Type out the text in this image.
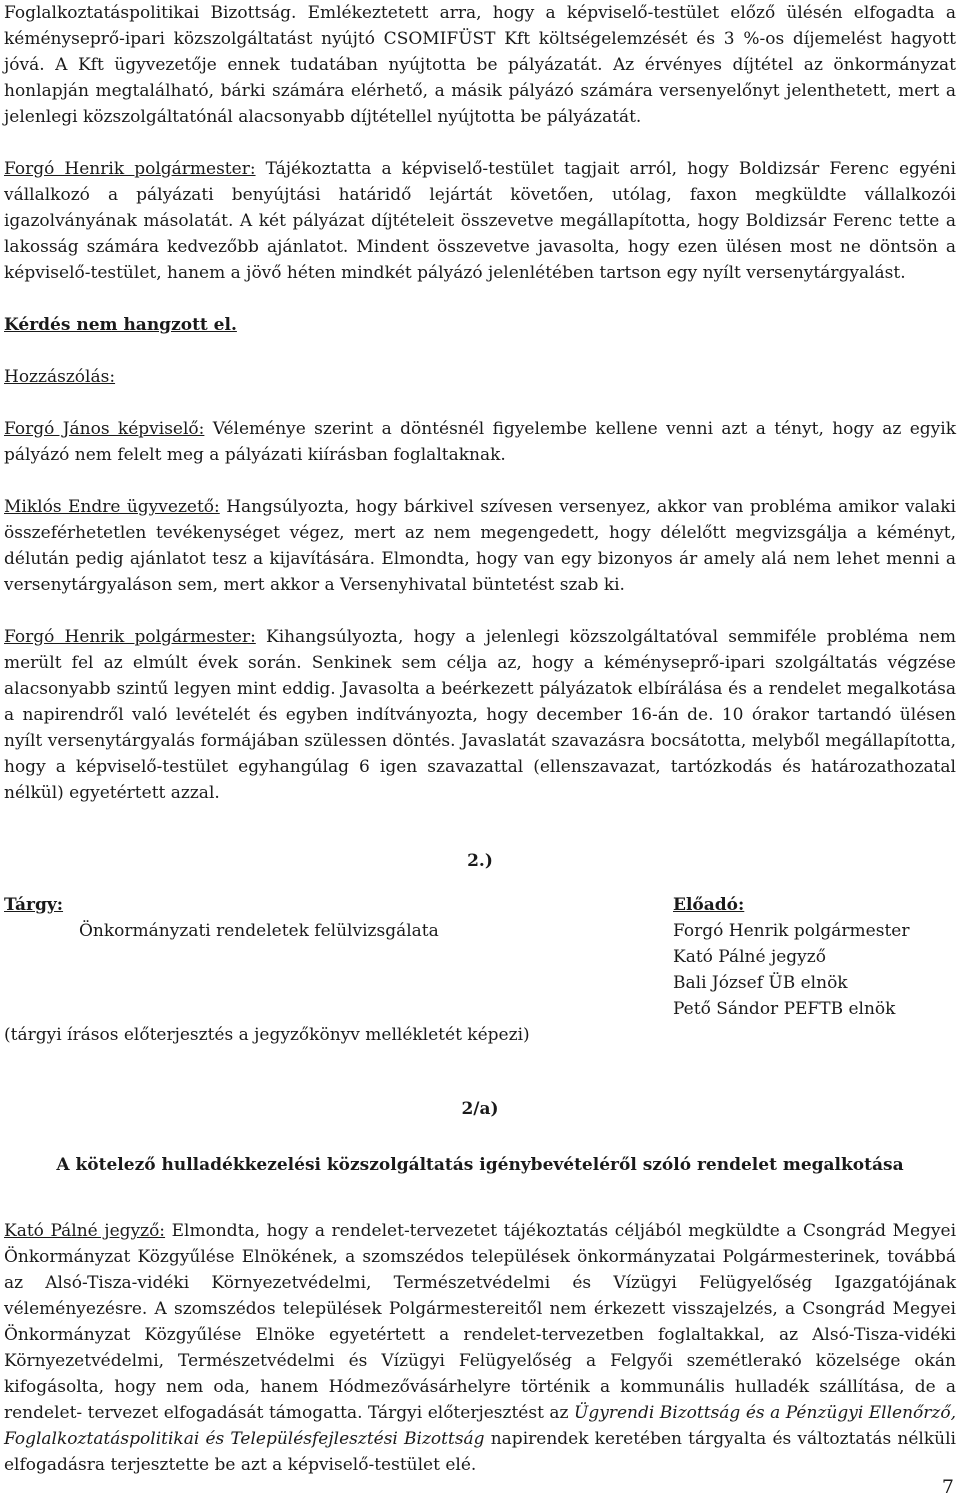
Foglalkoztatáspolitikai Bizottság. Emlékeztetett arra, hogy a képviselő-testület előző ülésén elfogadta a kéményseprő-ipari közszolgáltatást nyújtó CSOMIFÜST Kft költségelemzését és 3 %-os díjemelést hagyott jóvá. A Kft ügyvezetője ennek tudatában nyújtotta be pályázatát. Az érvényes díjtétel az önkormányzat honlapján megtalálható, bárki számára elérhető, a másik pályázó számára versenyelőnyt jelenthetett, mert a jelenlegi közszolgáltatónál alacsonyabb díjtétellel nyújtotta be pályázatát.

Forgó Henrik polgármester: Tájékoztatta a képviselő-testület tagjait arról, hogy Boldizsár Ferenc egyéni vállalkozó a pályázati benyújtási határidő lejártát követően, utólag, faxon megküldte vállalkozói igazolványának másolatát. A két pályázat díjtételeit összevetve megállapította, hogy Boldizsár Ferenc tette a lakosság számára kedvezőbb ajánlatot. Mindent összevetve javasolta, hogy ezen ülésen most ne döntsön a képviselő-testület, hanem a jövő héten mindkét pályázó jelenlétében tartson egy nyílt versenytárgyalást.

Kérdés nem hangzott el.

Hozzászólás:

Forgó János képviselő: Véleménye szerint a döntésnél figyelembe kellene venni azt a tényt, hogy az egyik pályázó nem felelt meg a pályázati kiírásban foglaltaknak.

Miklós Endre ügyvezető: Hangsúlyozta, hogy bárkivel szívesen versenyez, akkor van probléma amikor valaki összeférhetetlen tevékenységet végez, mert az nem megengedett, hogy délelőtt megvizsgálja a kéményt, délután pedig ajánlatot tesz a kijavítására. Elmondta, hogy van egy bizonyos ár amely alá nem lehet menni a versenytárgyaláson sem, mert akkor a Versenyhivatal büntetést szab ki.

Forgó Henrik polgármester: Kihangsúlyozta, hogy a jelenlegi közszolgáltatóval semmiféle probléma nem merült fel az elmúlt évek során. Senkinek sem célja az, hogy a kéményseprő-ipari szolgáltatás végzése alacsonyabb szintű legyen mint eddig. Javasolta a beérkezett pályázatok elbírálása és a rendelet megalkotása a napirendről való levételét és egyben indítványozta, hogy december 16-án de. 10 órakor tartandó ülésen nyílt versenytárgyalás formájában szülessen döntés. Javaslatát szavazásra bocsátotta, melyből megállapította, hogy a képviselő-testület egyhangúlag 6 igen szavazattal (ellenszavazat, tartózkodás és határozathozatal nélkül) egyetértett azzal.

2.)

Tárgy:

Önkormányzati rendeletek felülvizsgálata

(tárgyi írásos előterjesztés a jegyzőkönyv mellékletét képezi)

Előadó:

Forgó Henrik polgármester

Kató Pálné jegyző

Bali József ÜB elnök

Pető Sándor PEFTB elnök

2/a)

A kötelező hulladékkezelési közszolgáltatás igénybevételéről szóló rendelet megalkotása

Kató Pálné jegyző: Elmondta, hogy a rendelet-tervezetet tájékoztatás céljából megküldte a Csongrád Megyei Önkormányzat Közgyűlése Elnökének, a szomszédos települések önkormányzatai Polgármesterinek, továbbá az Alsó-Tisza-vidéki Környezetvédelmi, Természetvédelmi és Vízügyi Felügyelőség Igazgatójának véleményezésre. A szomszédos települések Polgármestereitől nem érkezett visszajelzés, a Csongrád Megyei Önkormányzat Közgyűlése Elnöke egyetértett a rendelet-tervezetben foglaltakkal, az Alsó-Tisza-vidéki Környezetvédelmi, Természetvédelmi és Vízügyi Felügyelőség a Felgyői szemétlerakó közelsége okán kifogásolta, hogy nem oda, hanem Hódmezővásárhelyre történik a kommunális hulladék szállítása, de a rendelet- tervezet elfogadását támogatta. Tárgyi előterjesztést az Ügyrendi Bizottság és a Pénzügyi Ellenőrző, Foglalkoztatáspolitikai és Településfejlesztési Bizottság napirendek keretében tárgyalta és változtatás nélküli elfogadásra terjesztette be azt a képviselő-testület elé.

7
